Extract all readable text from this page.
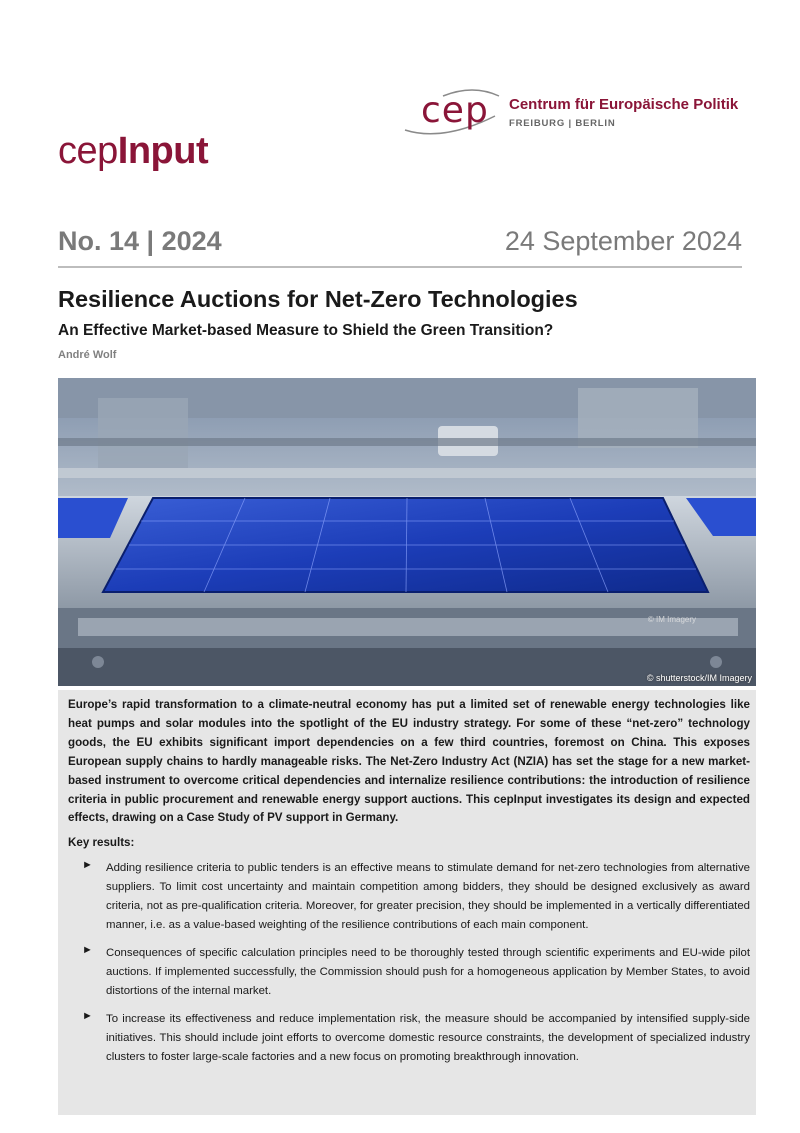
cep Centrum für Europäische Politik
FREIBURG | BERLIN
cepInput
No. 14 | 2024	24 September 2024
Resilience Auctions for Net-Zero Technologies
An Effective Market-based Measure to Shield the Green Transition?
André Wolf
© IM Imagery
© shutterstock/IM Imagery

Europe’s rapid transformation to a climate-neutral economy has put a limited set of renewable energy technologies like heat pumps and solar modules into the spotlight of the EU industry strategy. For some of these “net-zero” technology goods, the EU exhibits significant import dependencies on a few third countries, foremost on China. This exposes European supply chains to hardly manageable risks. The Net-Zero Industry Act (NZIA) has set the stage for a new market-based instrument to overcome critical dependencies and internalize resilience contributions: the introduction of resilience criteria in public procurement and renewable energy support auctions. This cepInput investigates its design and expected effects, drawing on a Case Study of PV support in Germany.

Key results:

► Adding resilience criteria to public tenders is an effective means to stimulate demand for net-zero technologies from alternative suppliers. To limit cost uncertainty and maintain competition among bidders, they should be designed exclusively as award criteria, not as pre-qualification criteria. Moreover, for greater precision, they should be implemented in a vertically differentiated manner, i.e. as a value-based weighting of the resilience contributions of each main component.

► Consequences of specific calculation principles need to be thoroughly tested through scientific experiments and EU-wide pilot auctions. If implemented successfully, the Commission should push for a homogeneous application by Member States, to avoid distortions of the internal market.

► To increase its effectiveness and reduce implementation risk, the measure should be accompanied by intensified supply-side initiatives. This should include joint efforts to overcome domestic resource constraints, the development of specialized industry clusters to foster large-scale factories and a new focus on promoting breakthrough innovation.
